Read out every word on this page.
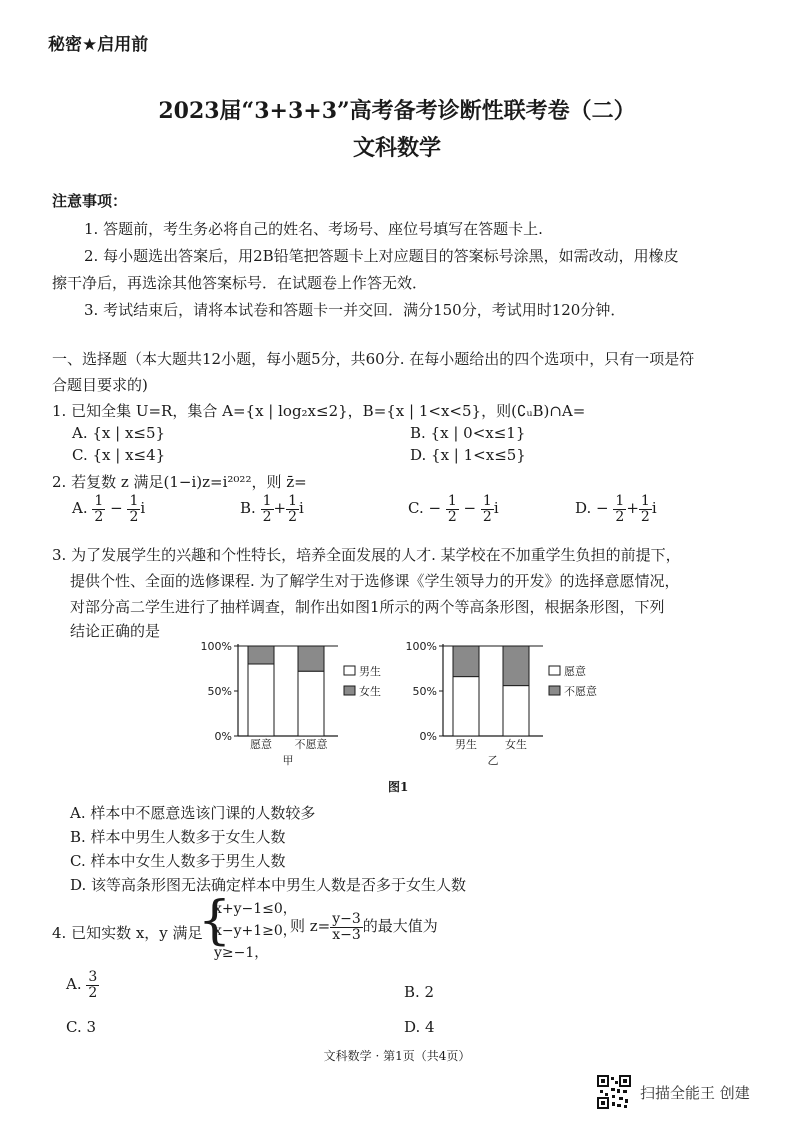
秘密★启用前
2023届“3+3+3”高考备考诊断性联考卷（二）
文科数学
注意事项：
1. 答题前，考生务必将自己的姓名、考场号、座位号填写在答题卡上.
2. 每小题选出答案后，用2B铅笔把答题卡上对应题目的答案标号涂黑，如需改动，用橡皮
擦干净后，再选涂其他答案标号．在试题卷上作答无效．
3. 考试结束后，请将本试卷和答题卡一并交回．满分150分，考试用时120分钟．
一、选择题（本大题共12小题，每小题5分，共60分. 在每小题给出的四个选项中，只有一项是符
合题目要求的)
1. 已知全集 U=R，集合 A={x | log₂x≤2}，B={x | 1<x<5}，则(∁ᵤB)∩A=
A. {x | x≤5}	B. {x | 0<x≤1}
C. {x | x≤4}	D. {x | 1<x≤5}
2. 若复数 z 满足(1−i)z=i²⁰²²，则 z̄=
A. $\frac{1}{2} - \frac{1}{2}$ i	B. $\frac{1}{2} + \frac{1}{2}$ i	C. − $\frac{1}{2} - \frac{1}{2}$ i	D. − $\frac{1}{2} + \frac{1}{2}$ i
3. 为了发展学生的兴趣和个性特长，培养全面发展的人才. 某学校在不加重学生负担的前提下，
提供个性、全面的选修课程. 为了解学生对于选修课《学生领导力的开发》的选择意愿情况，
对部分高二学生进行了抽样调查，制作出如图1所示的两个等高条形图，根据条形图，下列
结论正确的是
100%
50%
0%
愿意 不愿意
甲
男生
女生
100%
50%
0%
男生	女生
乙
愿意
不愿意
图1
A. 样本中不愿意选该门课的人数较多
B. 样本中男生人数多于女生人数
C. 样本中女生人数多于男生人数
D. 该等高条形图无法确定样本中男生人数是否多于女生人数
4. 已知实数 x，y 满足
{
x+y−1≤0，
x−y+1≥0，
y≥−1，
则 $z= \frac{y-3}{x-3}$ 的最大值为
A. $\frac{3}{2}$	B. 2
C. 3	D. 4
文科数学 · 第1页（共4页）
扫描全能王 创建
